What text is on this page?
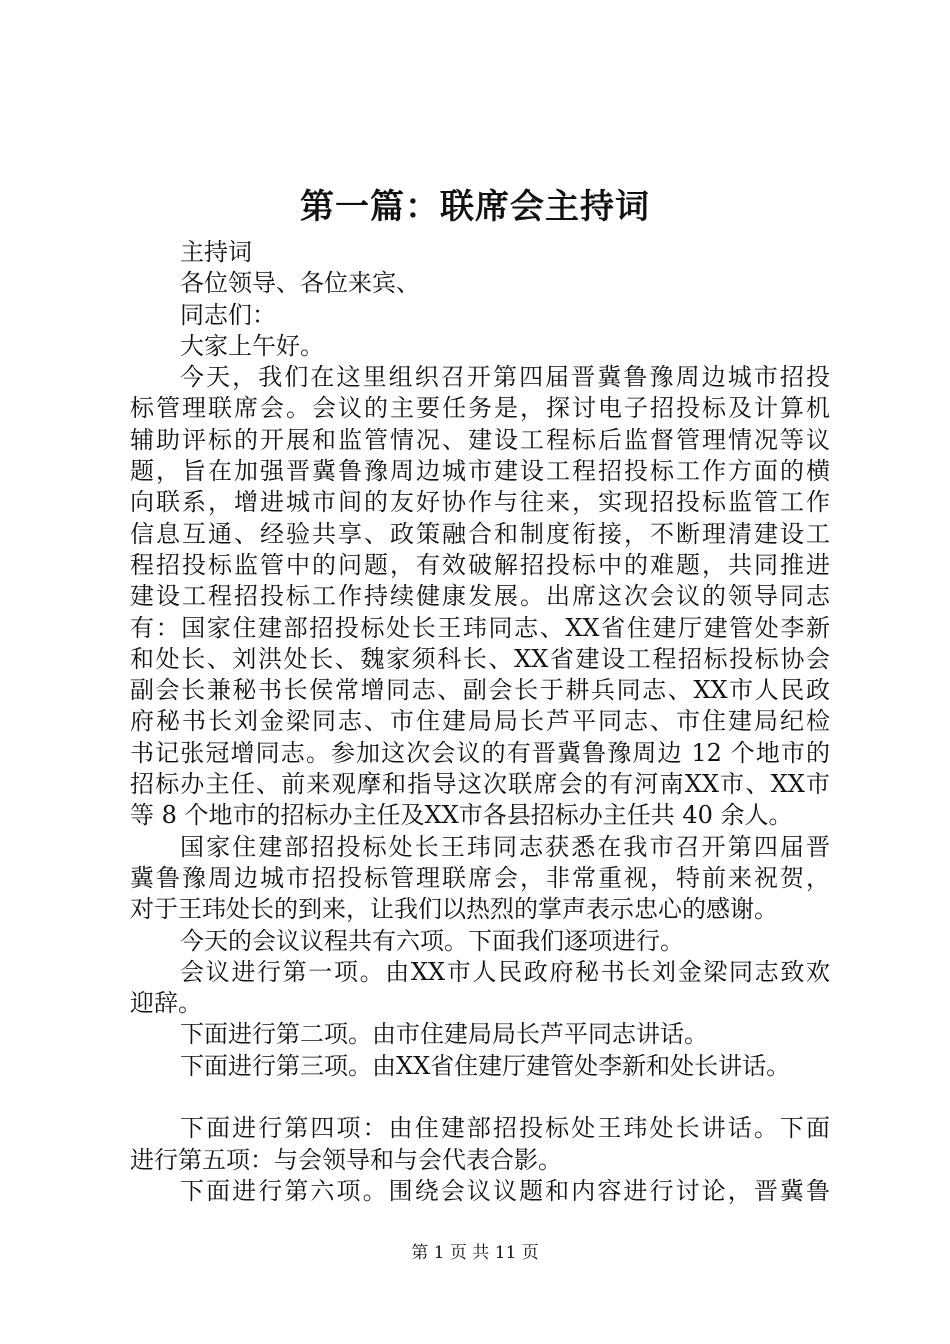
第一篇：联席会主持词
主持词
各位领导、各位来宾、
同志们：
大家上午好。
今天，我们在这里组织召开第四届晋冀鲁豫周边城市招投
标管理联席会。会议的主要任务是，探讨电子招投标及计算机
辅助评标的开展和监管情况、建设工程标后监督管理情况等议
题，旨在加强晋冀鲁豫周边城市建设工程招投标工作方面的横
向联系，增进城市间的友好协作与往来，实现招投标监管工作
信息互通、经验共享、政策融合和制度衔接，不断理清建设工
程招投标监管中的问题，有效破解招投标中的难题，共同推进
建设工程招投标工作持续健康发展。出席这次会议的领导同志
有：国家住建部招投标处长王玮同志、XX省住建厅建管处李新
和处长、刘洪处长、魏家须科长、XX省建设工程招标投标协会
副会长兼秘书长侯常增同志、副会长于耕兵同志、XX市人民政
府秘书长刘金梁同志、市住建局局长芦平同志、市住建局纪检
书记张冠增同志。参加这次会议的有晋冀鲁豫周边 12 个地市的
招标办主任、前来观摩和指导这次联席会的有河南XX市、XX市
等 8 个地市的招标办主任及XX市各县招标办主任共 40 余人。
国家住建部招投标处长王玮同志获悉在我市召开第四届晋
冀鲁豫周边城市招投标管理联席会，非常重视，特前来祝贺，
对于王玮处长的到来，让我们以热烈的掌声表示忠心的感谢。
今天的会议议程共有六项。下面我们逐项进行。
会议进行第一项。由XX市人民政府秘书长刘金梁同志致欢
迎辞。
下面进行第二项。由市住建局局长芦平同志讲话。
下面进行第三项。由XX省住建厅建管处李新和处长讲话。
下面进行第四项：由住建部招投标处王玮处长讲话。下面
进行第五项：与会领导和与会代表合影。
下面进行第六项。围绕会议议题和内容进行讨论，晋冀鲁
第 1 页 共 11 页
